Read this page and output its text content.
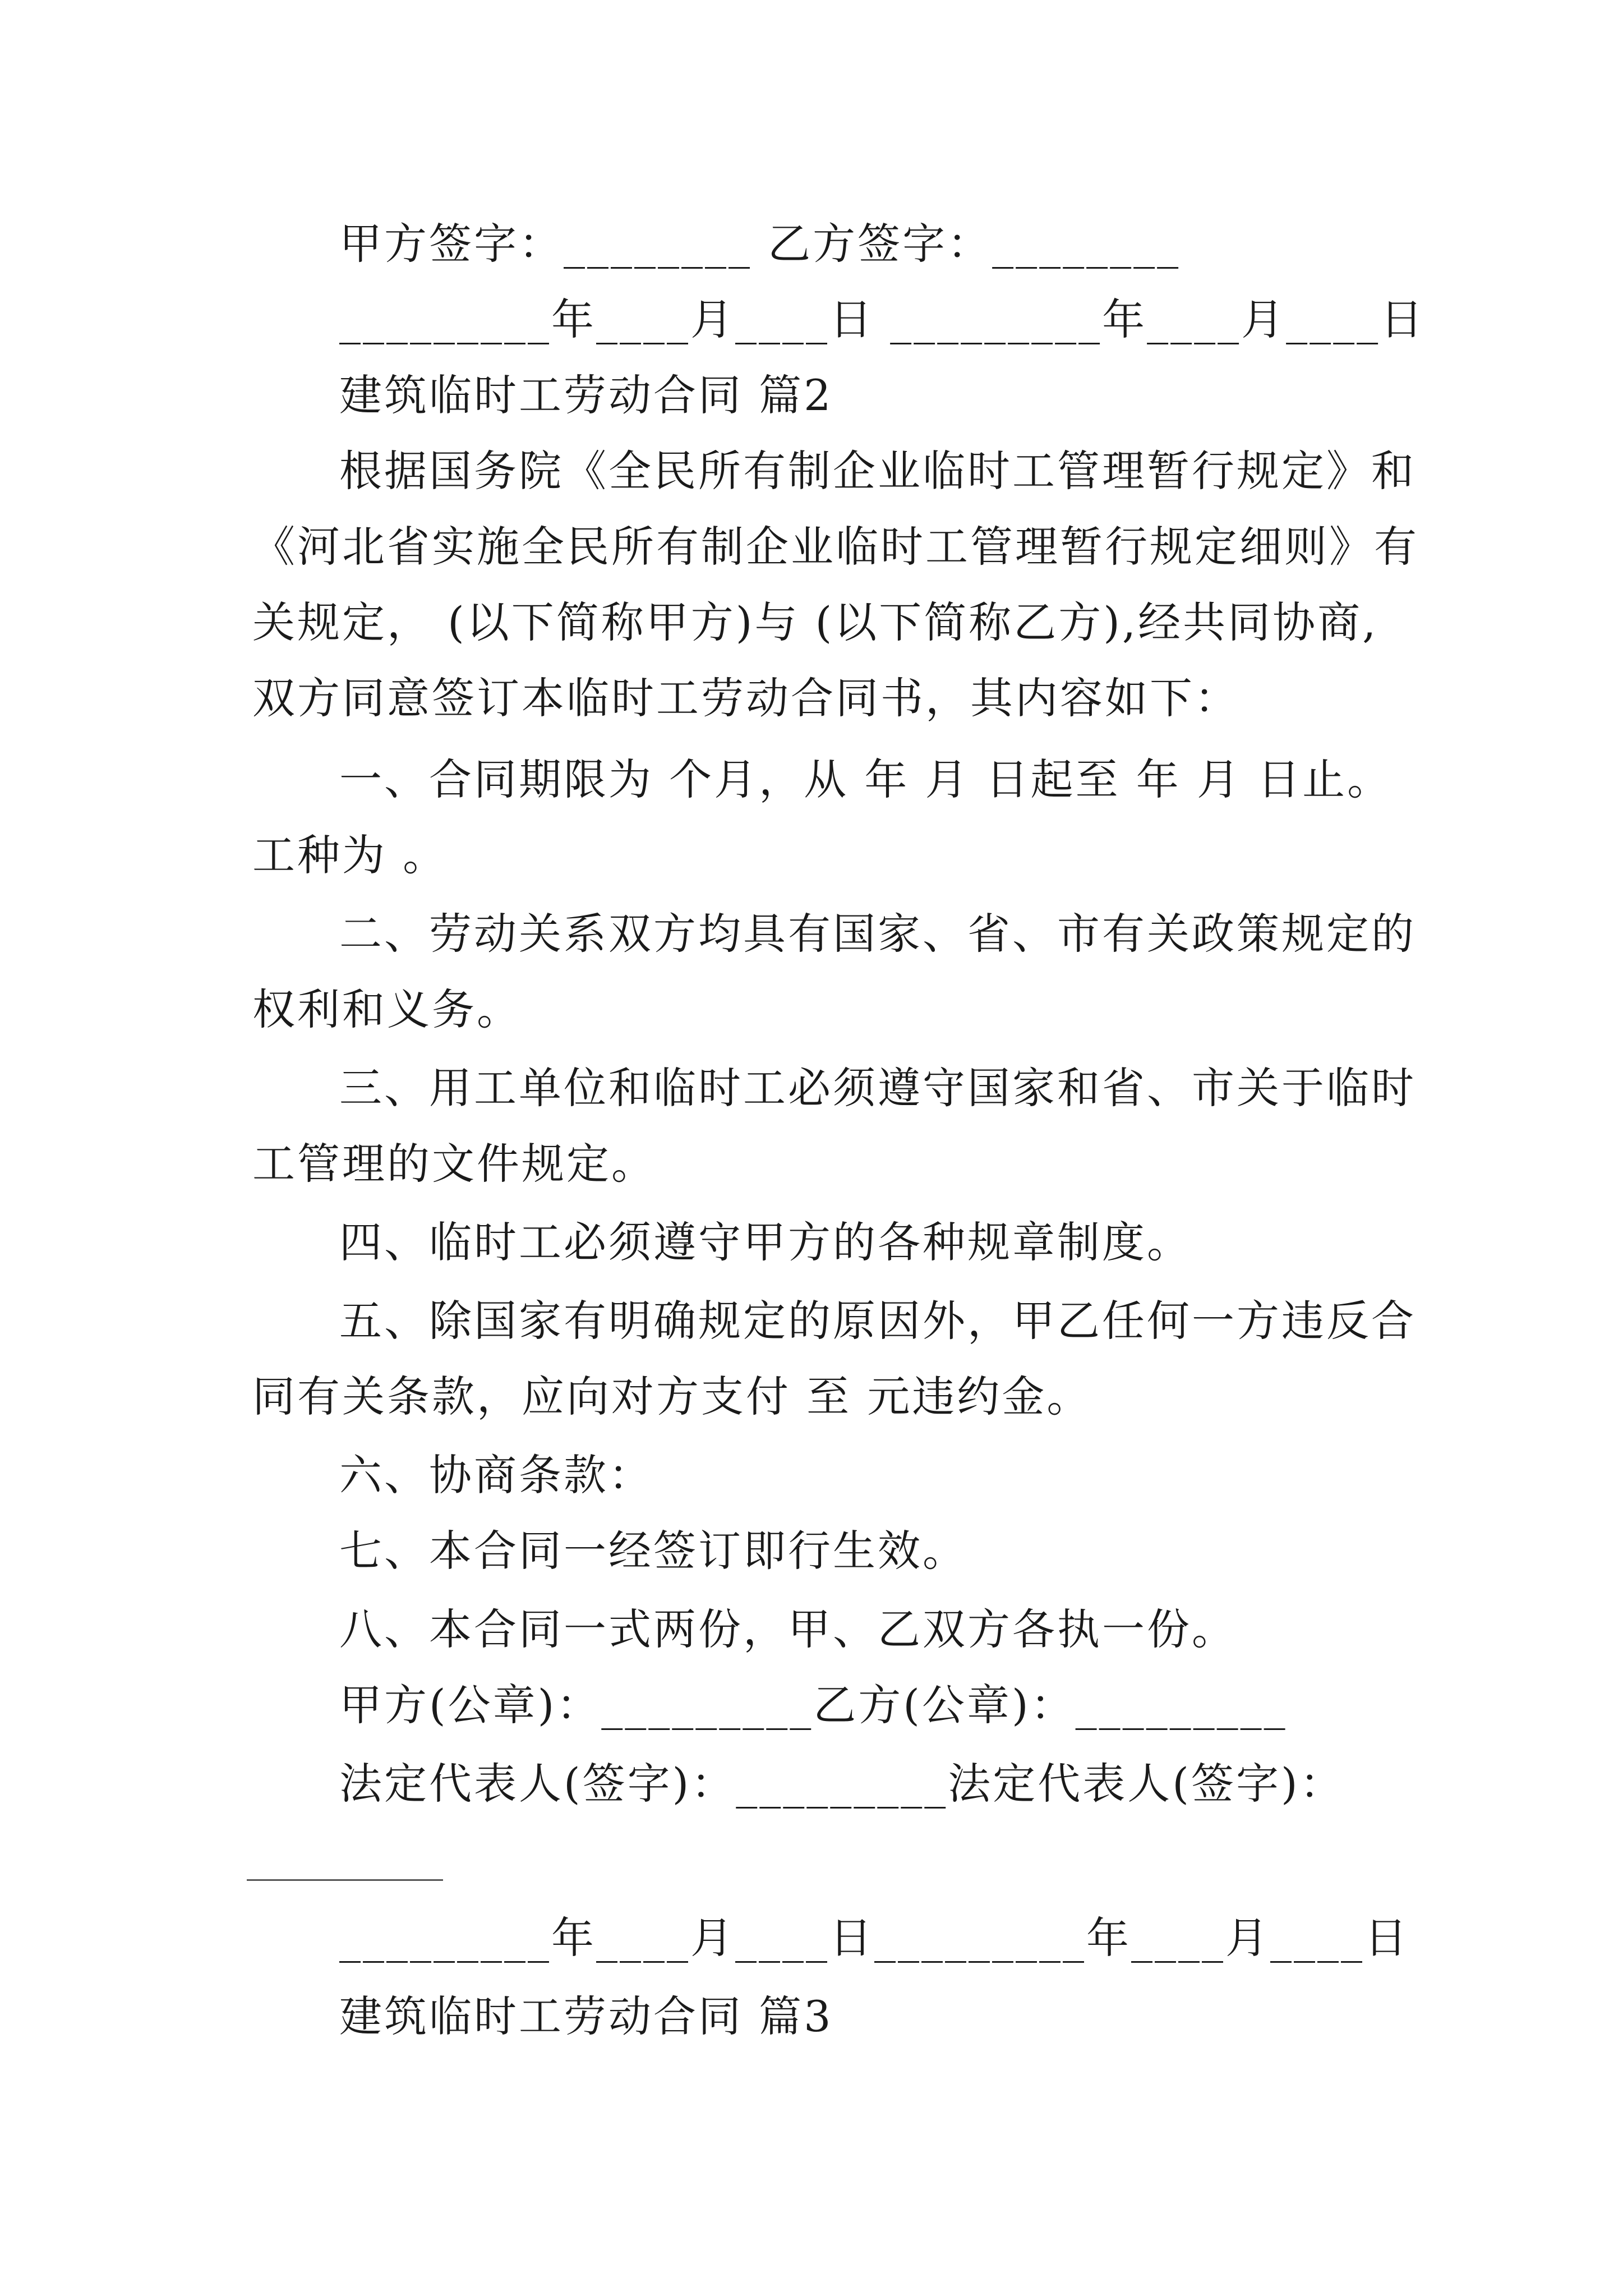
甲方签字：________ 乙方签字：________
_________年____月____日 _________年____月____日
建筑临时工劳动合同 篇2
根据国务院《全民所有制企业临时工管理暂行规定》和
《河北省实施全民所有制企业临时工管理暂行规定细则》有
关规定， (以下简称甲方)与 (以下简称乙方),经共同协商,
双方同意签订本临时工劳动合同书，其内容如下：
一、合同期限为 个月，从 年 月 日起至 年 月 日止。
工种为 。
二、劳动关系双方均具有国家、省、市有关政策规定的
权利和义务。
三、用工单位和临时工必须遵守国家和省、市关于临时
工管理的文件规定。
四、临时工必须遵守甲方的各种规章制度。
五、除国家有明确规定的原因外，甲乙任何一方违反合
同有关条款，应向对方支付 至 元违约金。
六、协商条款：
七、本合同一经签订即行生效。
八、本合同一式两份，甲、乙双方各执一份。
甲方(公章)：_________乙方(公章)：_________
法定代表人(签字)：_________法定代表人(签字)：
_________年____月____日_________年____月____日
建筑临时工劳动合同 篇3
